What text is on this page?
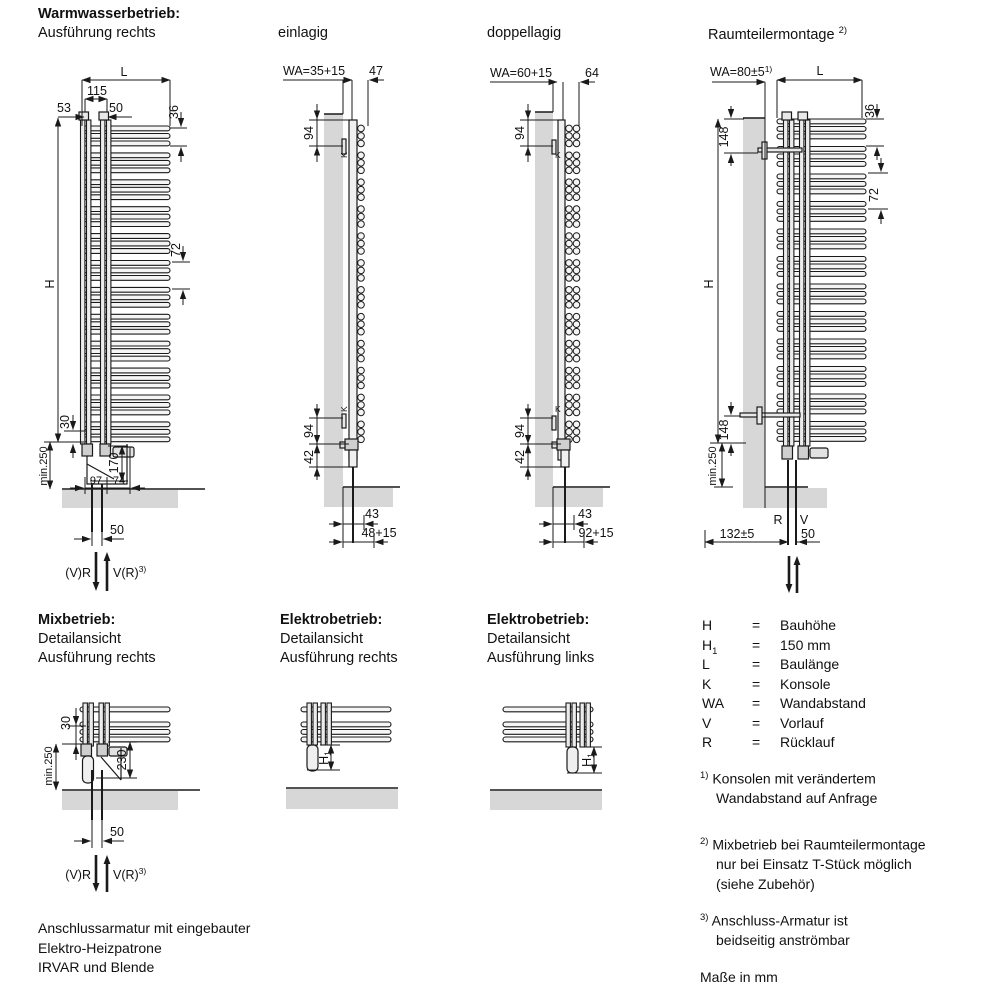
Warmwasserbetrieb:
Ausführung rechts	einlagig	doppellagig	Raumteilermontage $^{2)}$
Mixbetrieb:
Detailansicht
Ausführung rechts
Elektrobetrieb:
Detailansicht
Ausführung rechts
Elektrobetrieb:
Detailansicht
Ausführung links
H	=	Bauhöhe
$H_1$	=	150 mm
L	=	Baulänge
K	=	Konsole
WA	=	Wandabstand
V	=	Vorlauf
R	=	Rücklauf
$^{1)}$ Konsolen mit verändertem
Wandabstand auf Anfrage
$^{2)}$ Mixbetrieb bei Raumteilermontage
nur bei Einsatz T-Stück möglich
(siehe Zubehör)
$^{3)}$ Anschluss-Armatur ist
beidseitig anströmbar
Maße in mm
Anschlussarmatur mit eingebauter
Elektro-Heizpatrone
IRVAR und Blende
L
115
53	50	36
72
H
30
min.250	170
97 74
50
(V)R $V(R)^{3)}$
WA=35+15 47
94
K
K
94
42
43
48+15
WA=60+15	64
94
K
K
94
42
43
92+15
$WA=80\pm 5^{1)}$	L
36
72
H
148
148
min.250
R V
132±5	50
30
min.250	230
50
(V)R $V(R)^{3)}$
$H_1$
$H_1$
